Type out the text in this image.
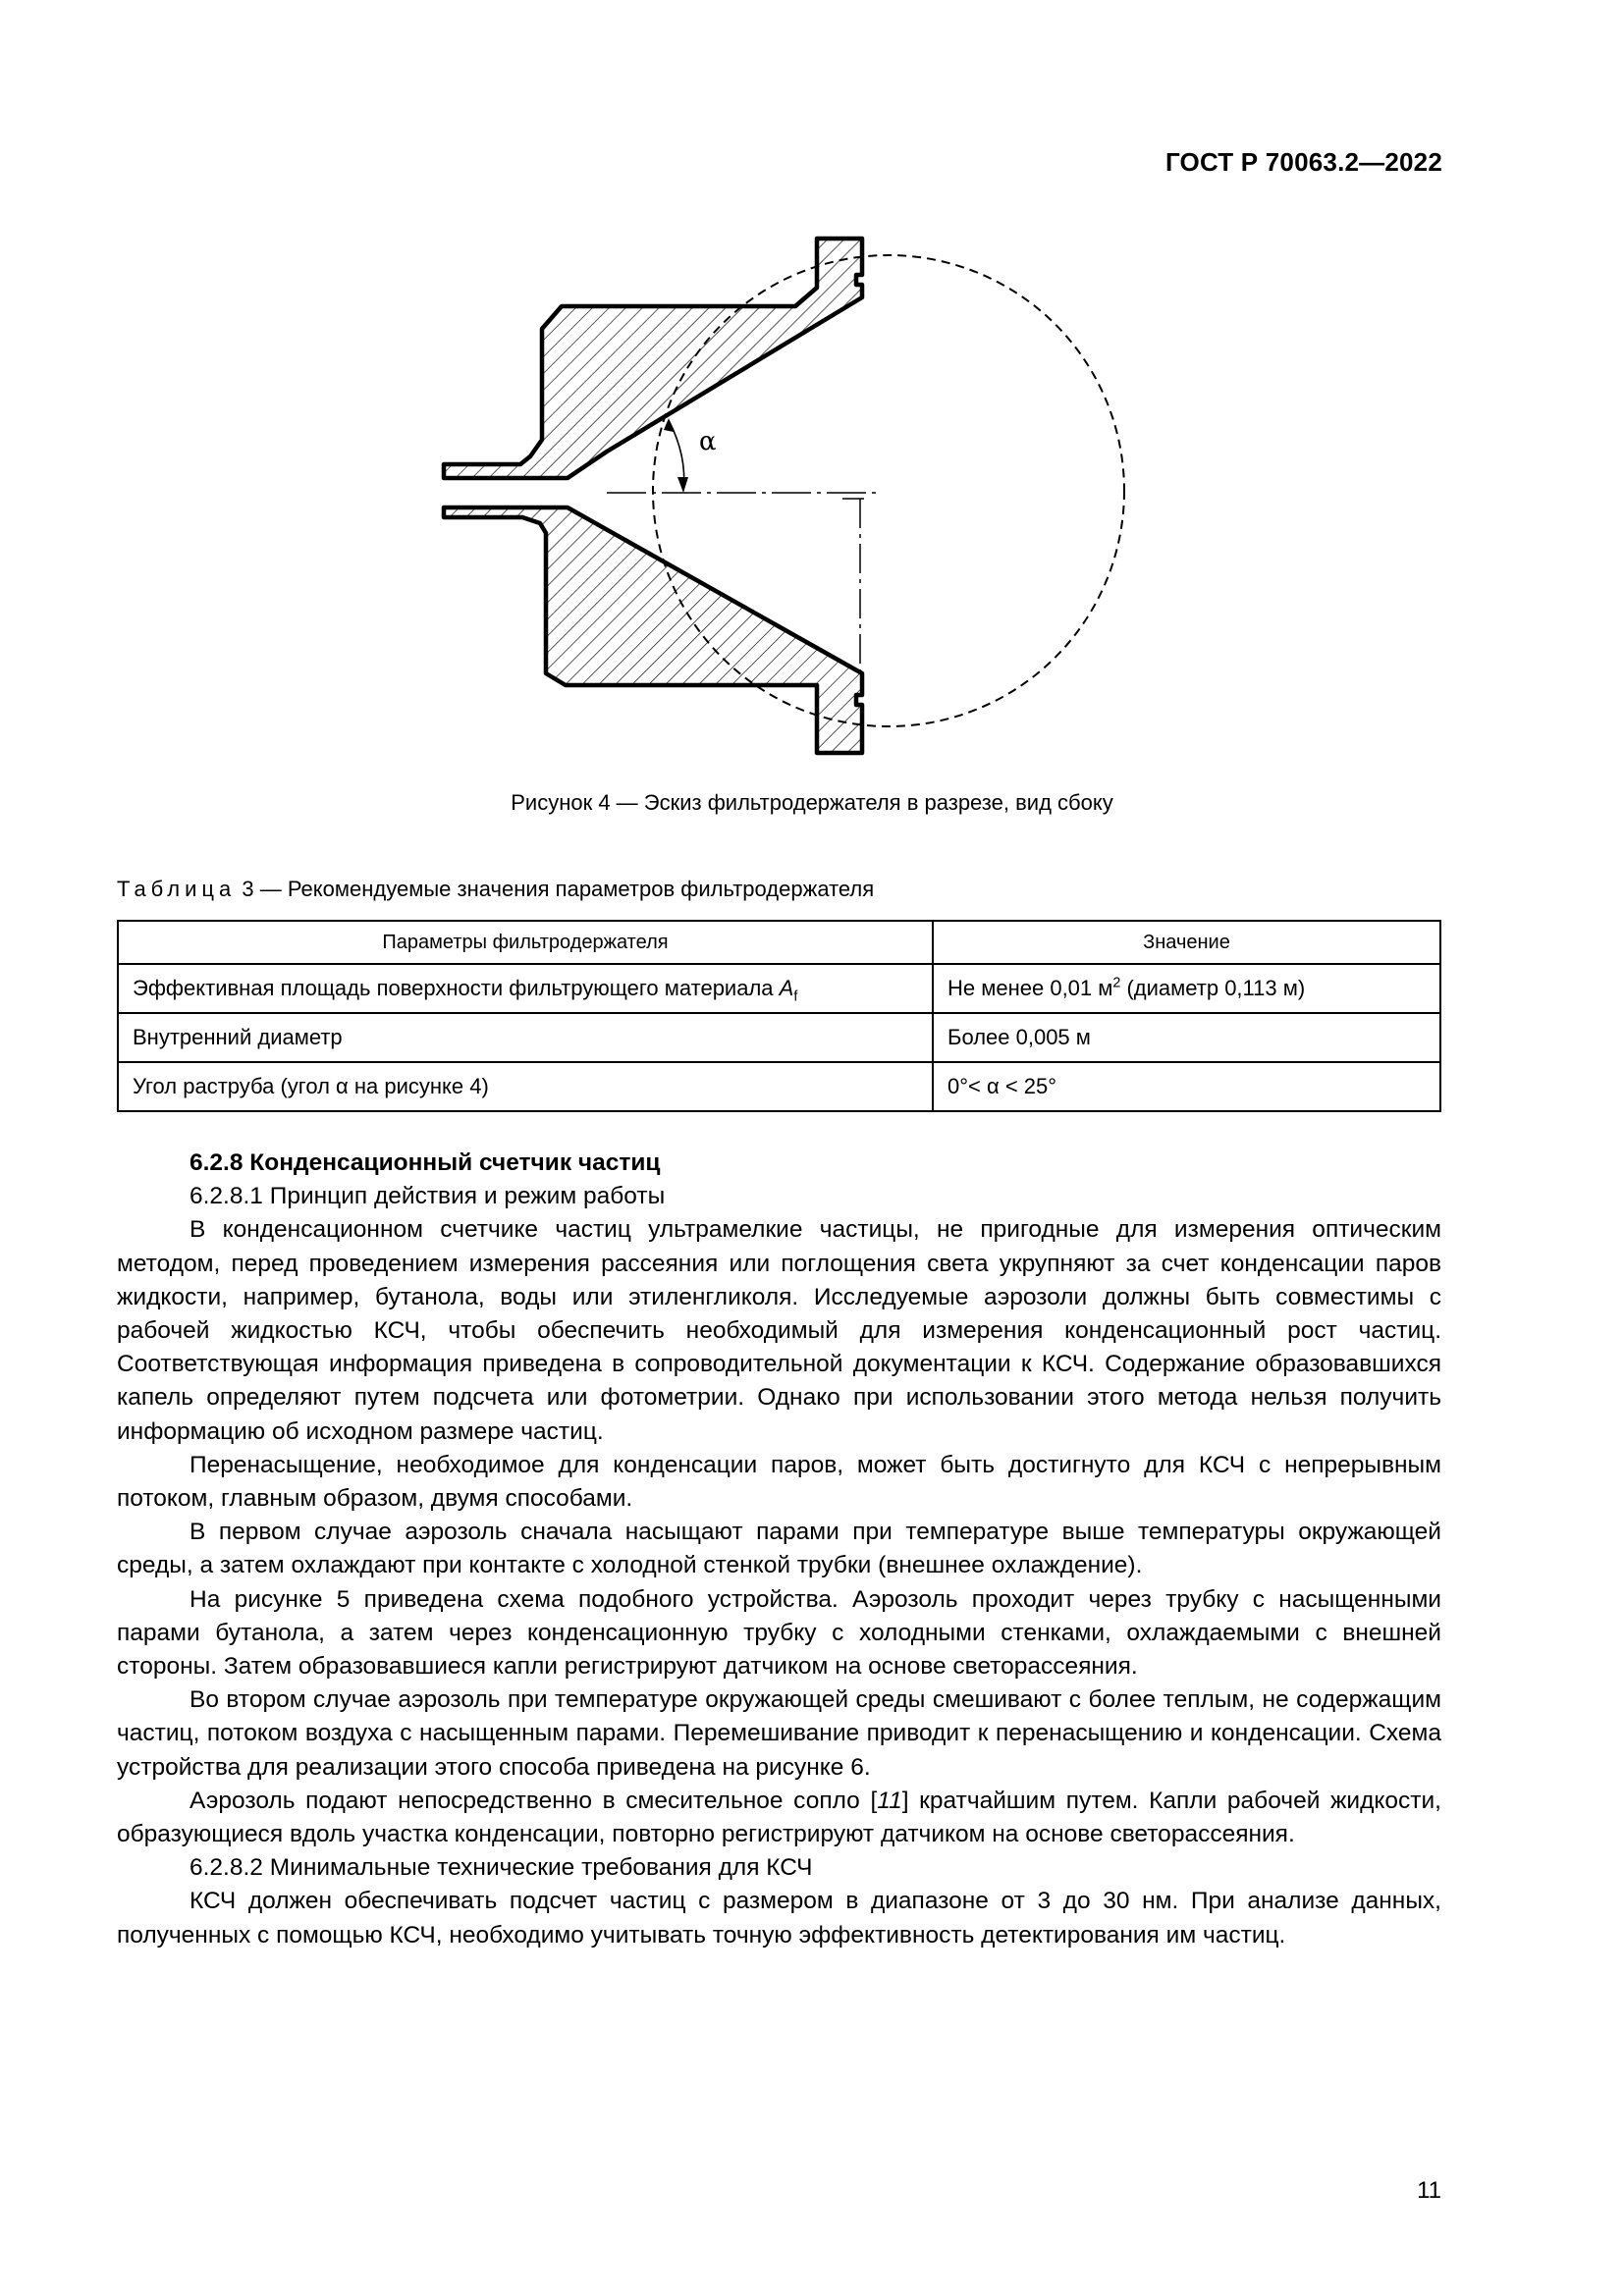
ГОСТ Р 70063.2—2022
α
Рисунок 4 — Эскиз фильтродержателя в разрезе, вид сбоку
Таблица 3 — Рекомендуемые значения параметров фильтродержателя
Параметры фильтродержателя	Значение
Эффективная площадь поверхности фильтрующего материала $A_f$	Не менее 0,01 $м^2$ (диаметр 0,113 м)
Внутренний диаметр	Более 0,005 м
Угол раструба (угол α на рисунке 4)	0°< α < 25°

6.2.8 Конденсационный счетчик частиц

6.2.8.1 Принцип действия и режим работы

В конденсационном счетчике частиц ультрамелкие частицы, не пригодные для измерения оптическим методом, перед проведением измерения рассеяния или поглощения света укрупняют за счет конденсации паров жидкости, например, бутанола, воды или этиленгликоля. Исследуемые аэрозоли должны быть совместимы с рабочей жидкостью КСЧ, чтобы обеспечить необходимый для измерения конденсационный рост частиц. Соответствующая информация приведена в сопроводительной документации к КСЧ. Содержание образовавшихся капель определяют путем подсчета или фотометрии. Однако при использовании этого метода нельзя получить информацию об исходном размере частиц.

Перенасыщение, необходимое для конденсации паров, может быть достигнуто для КСЧ с непрерывным потоком, главным образом, двумя способами.

В первом случае аэрозоль сначала насыщают парами при температуре выше температуры окружающей среды, а затем охлаждают при контакте с холодной стенкой трубки (внешнее охлаждение).

На рисунке 5 приведена схема подобного устройства. Аэрозоль проходит через трубку с насыщенными парами бутанола, а затем через конденсационную трубку с холодными стенками, охлаждаемыми с внешней стороны. Затем образовавшиеся капли регистрируют датчиком на основе светорассеяния.

Во втором случае аэрозоль при температуре окружающей среды смешивают с более теплым, не содержащим частиц, потоком воздуха с насыщенным парами. Перемешивание приводит к перенасыщению и конденсации. Схема устройства для реализации этого способа приведена на рисунке 6.

Аэрозоль подают непосредственно в смесительное сопло [11] кратчайшим путем. Капли рабочей жидкости, образующиеся вдоль участка конденсации, повторно регистрируют датчиком на основе светорассеяния.

6.2.8.2 Минимальные технические требования для КСЧ

КСЧ должен обеспечивать подсчет частиц с размером в диапазоне от 3 до 30 нм. При анализе данных, полученных с помощью КСЧ, необходимо учитывать точную эффективность детектирования им частиц.

11
